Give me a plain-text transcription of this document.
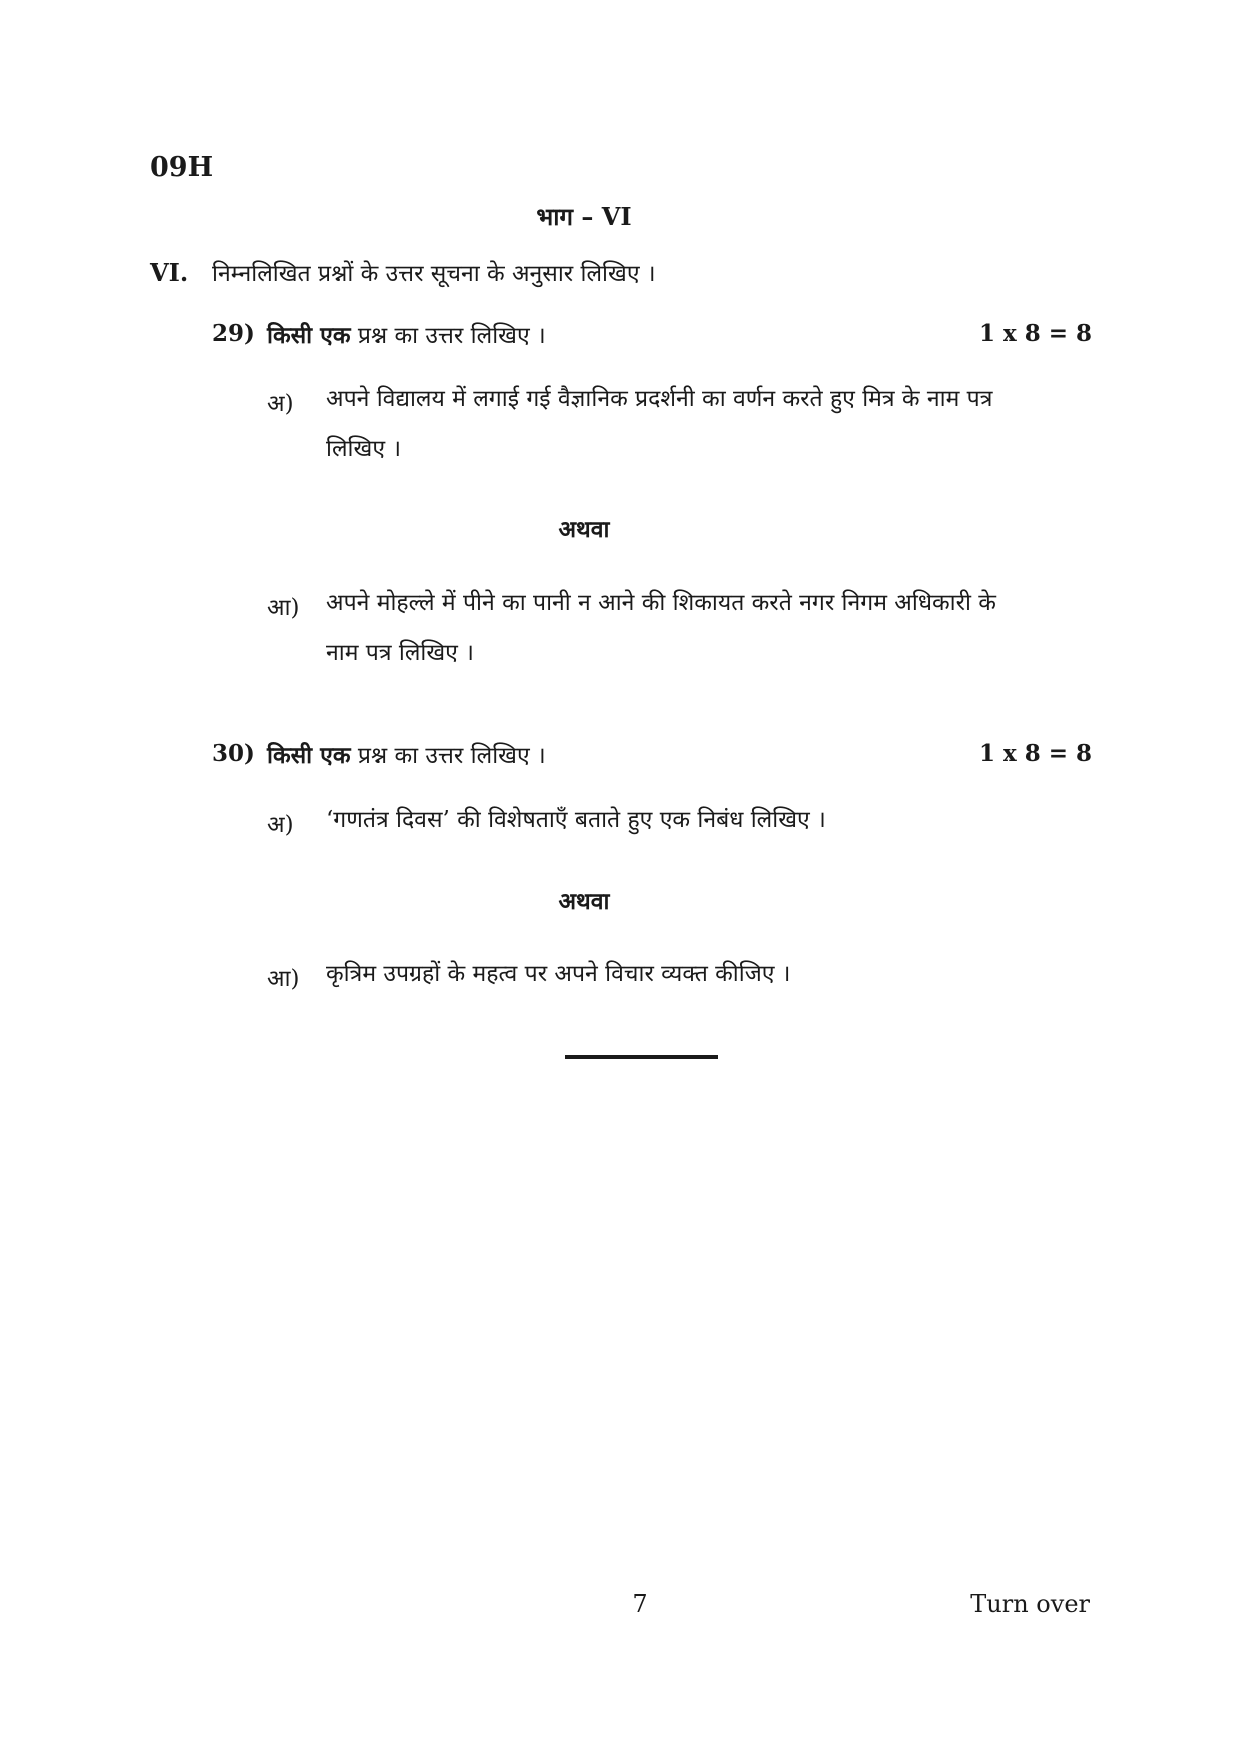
09H
भाग – VI
VI. निम्नलिखित प्रश्नों के उत्तर सूचना के अनुसार लिखिए ।
29) किसी एक प्रश्न का उत्तर लिखिए ।	1 x 8 = 8
अ) अपने विद्यालय में लगाई गई वैज्ञानिक प्रदर्शनी का वर्णन करते हुए मित्र के नाम पत्र लिखिए ।
अथवा
आ) अपने मोहल्ले में पीने का पानी न आने की शिकायत करते नगर निगम अधिकारी के नाम पत्र लिखिए ।
30) किसी एक प्रश्न का उत्तर लिखिए ।	1 x 8 = 8
अ) ‘गणतंत्र दिवस’ की विशेषताएँ बताते हुए एक निबंध लिखिए ।
अथवा
आ) कृत्रिम उपग्रहों के महत्व पर अपने विचार व्यक्त कीजिए ।
7	Turn over
